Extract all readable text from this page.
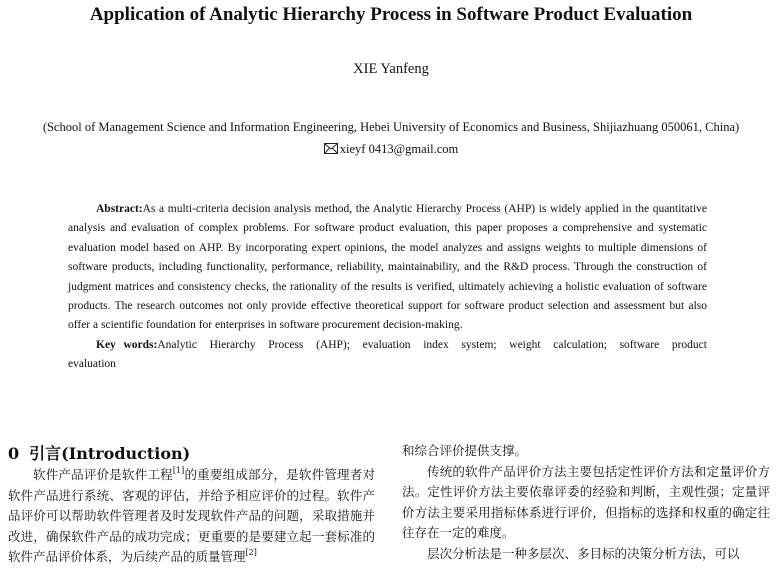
Application of Analytic Hierarchy Process in Software Product Evaluation
XIE Yanfeng
(School of Management Science and Information Engineering, Hebei University of Economics and Business, Shijiazhuang 050061, China)
xieyf 0413@gmail.com

Abstract:As a multi-criteria decision analysis method, the Analytic Hierarchy Process (AHP) is widely applied in the quantitative analysis and evaluation of complex problems. For software product evaluation, this paper proposes a comprehensive and systematic evaluation model based on AHP. By incorporating expert opinions, the model analyzes and assigns weights to multiple dimensions of software products, including functionality, performance, reliability, maintainability, and the R&D process. Through the construction of judgment matrices and consistency checks, the rationality of the results is verified, ultimately achieving a holistic evaluation of software products. The research outcomes not only provide effective theoretical support for software product selection and assessment but also offer a scientific foundation for enterprises in software procurement decision-making.

Key words:Analytic Hierarchy Process (AHP); evaluation index system; weight calculation; software product evaluation

0 引言(Introduction)

软件产品评价是软件工程[1]的重要组成部分，是软件管理者对软件产品进行系统、客观的评估，并给予相应评价的过程。软件产品评价可以帮助软件管理者及时发现软件产品的问题，采取措施并改进，确保软件产品的成功完成；更重要的是要建立起一套标准的软件产品评价体系，为后续产品的质量管理[2]

和综合评价提供支撑。

传统的软件产品评价方法主要包括定性评价方法和定量评价方法。定性评价方法主要依靠评委的经验和判断，主观性强；定量评价方法主要采用指标体系进行评价，但指标的选择和权重的确定往往存在一定的难度。

层次分析法是一种多层次、多目标的决策分析方法，可以
